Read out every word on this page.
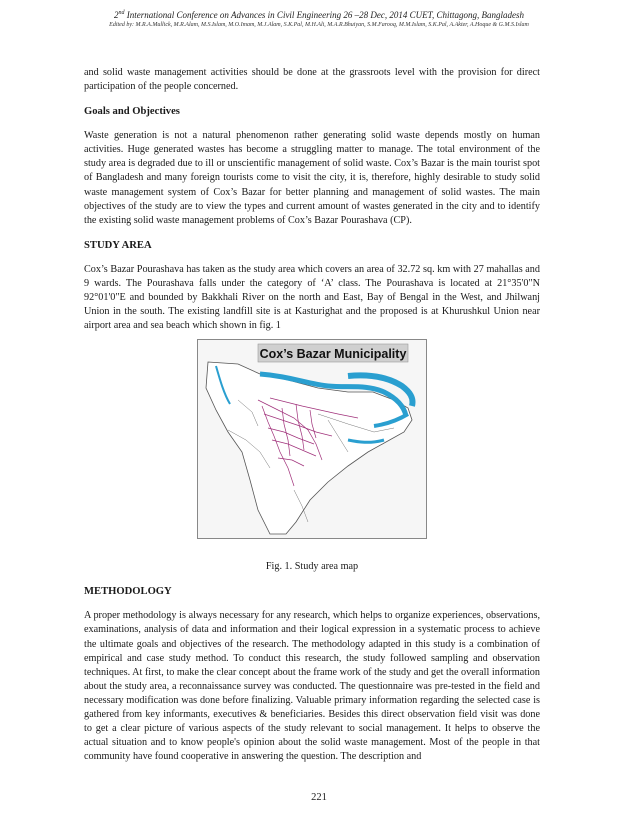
2nd International Conference on Advances in Civil Engineering 26 –28 Dec, 2014 CUET, Chittagong, Bangladesh
Edited by: M.R.A.Mullick, M.R.Alam, M.S.Islam, M.O.Imam, M.J.Alam, S.K.Pal, M.H.Ali, M.A.R.Bhuiyan, S.M.Farooq, M.M.Islam, S.K.Pal, A.Akter, A.Hoque & G.M.S.Islam

and solid waste management activities should be done at the grassroots level with the provision for direct participation of the people concerned.

Goals and Objectives

Waste generation is not a natural phenomenon rather generating solid waste depends mostly on human activities. Huge generated wastes has become a struggling matter to manage. The total environment of the study area is degraded due to ill or unscientific management of solid waste. Cox’s Bazar is the main tourist spot of Bangladesh and many foreign tourists come to visit the city, it is, therefore, highly desirable to study solid waste management system of Cox’s Bazar for better planning and management of solid wastes. The main objectives of the study are to view the types and current amount of wastes generated in the city and to identify the existing solid waste management problems of Cox’s Bazar Pourashava (CP).

STUDY AREA

Cox’s Bazar Pourashava has taken as the study area which covers an area of 32.72 sq. km with 27 mahallas and 9 wards. The Pourashava falls under the category of ‘A’ class. The Pourashava is located at 21°35'0"N 92°01'0"E and bounded by Bakkhali River on the north and East, Bay of Bengal in the West, and Jhilwanj Union in the south. The existing landfill site is at Kasturighat and the proposed is at Khurushkul Union near airport area and sea beach which shown in fig. 1

Cox’s Bazar Municipality
Fig. 1. Study area map
METHODOLOGY

A proper methodology is always necessary for any research, which helps to organize experiences, observations, examinations, analysis of data and information and their logical expression in a systematic process to achieve the ultimate goals and objectives of the research. The methodology adapted in this study is a combination of empirical and case study method. To conduct this research, the study followed sampling and observation techniques. At first, to make the clear concept about the frame work of the study and get the overall information about the study area, a reconnaissance survey was conducted. The questionnaire was pre-tested in the field and necessary modification was done before finalizing. Valuable primary information regarding the selected case is gathered from key informants, executives & beneficiaries. Besides this direct observation field visit was done to get a clear picture of various aspects of the study relevant to social management. It helps to observe the actual situation and to know people's opinion about the solid waste management. Most of the people in that community have found cooperative in answering the question. The description and

221
